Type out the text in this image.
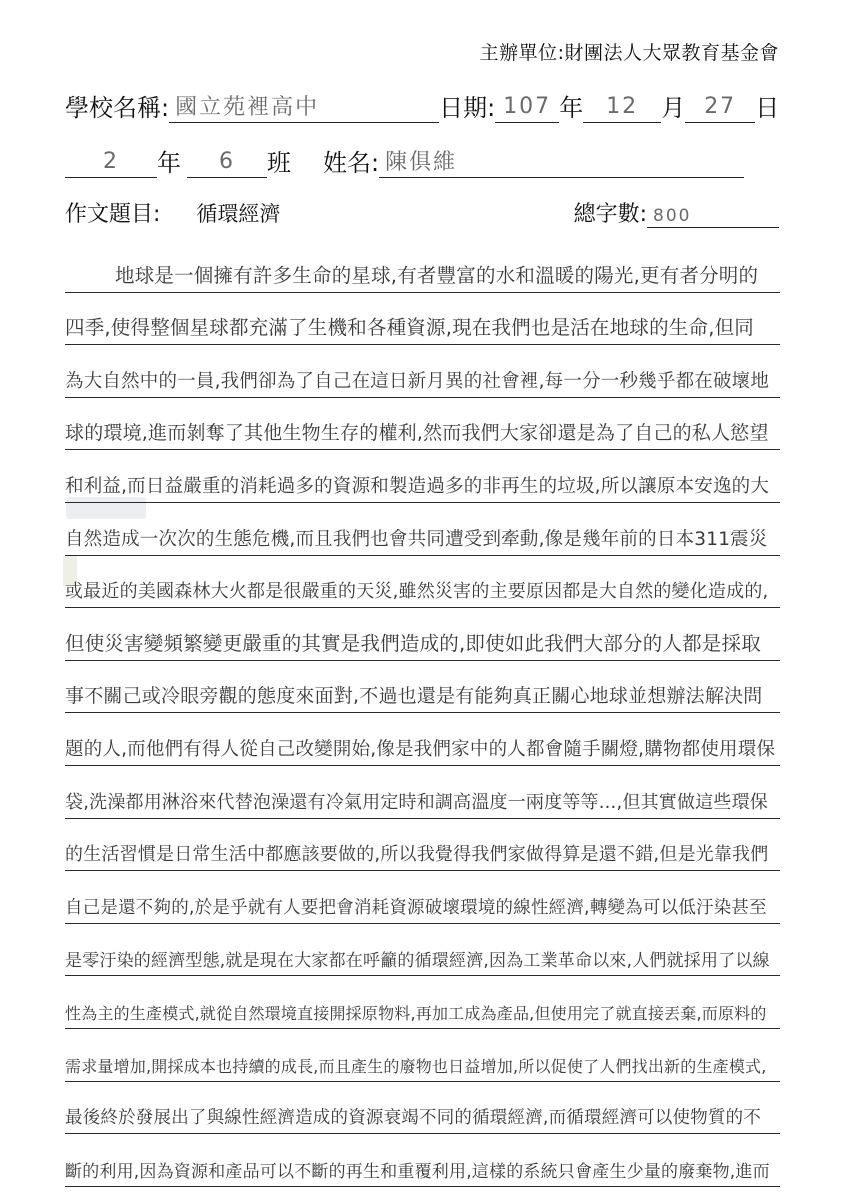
主辦單位:財團法人大眾教育基金會
學校名稱: 國立苑裡高中	日期: 107 年 12 月 27 日
2 年 6 班 姓名: 陳俱維
作文題目: 循環經濟	總字數: 800
地球是一個擁有許多生命的星球,有者豐富的水和溫暖的陽光,更有者分明的
四季,使得整個星球都充滿了生機和各種資源,現在我們也是活在地球的生命,但同
為大自然中的一員,我們卻為了自己在這日新月異的社會裡,每一分一秒幾乎都在破壞地
球的環境,進而剝奪了其他生物生存的權利,然而我們大家卻還是為了自己的私人慾望
和利益,而日益嚴重的消耗過多的資源和製造過多的非再生的垃圾,所以讓原本安逸的大
自然造成一次次的生態危機,而且我們也會共同遭受到牽動,像是幾年前的日本311震災
或最近的美國森林大火都是很嚴重的天災,雖然災害的主要原因都是大自然的變化造成的,
但使災害變頻繁變更嚴重的其實是我們造成的,即使如此我們大部分的人都是採取
事不關己或冷眼旁觀的態度來面對,不過也還是有能夠真正關心地球並想辦法解決問
題的人,而他們有得人從自己改變開始,像是我們家中的人都會隨手關燈,購物都使用環保
袋,洗澡都用淋浴來代替泡澡還有冷氣用定時和調高溫度一兩度等等...,但其實做這些環保
的生活習慣是日常生活中都應該要做的,所以我覺得我們家做得算是還不錯,但是光靠我們
自己是還不夠的,於是乎就有人要把會消耗資源破壞環境的線性經濟,轉變為可以低汙染甚至
是零汙染的經濟型態,就是現在大家都在呼籲的循環經濟,因為工業革命以來,人們就採用了以線
性為主的生產模式,就從自然環境直接開採原物料,再加工成為產品,但使用完了就直接丟棄,而原料的
需求量增加,開採成本也持續的成長,而且產生的廢物也日益增加,所以促使了人們找出新的生產模式,
最後終於發展出了與線性經濟造成的資源衰竭不同的循環經濟,而循環經濟可以使物質的不
斷的利用,因為資源和產品可以不斷的再生和重覆利用,這樣的系統只會產生少量的廢棄物,進而
